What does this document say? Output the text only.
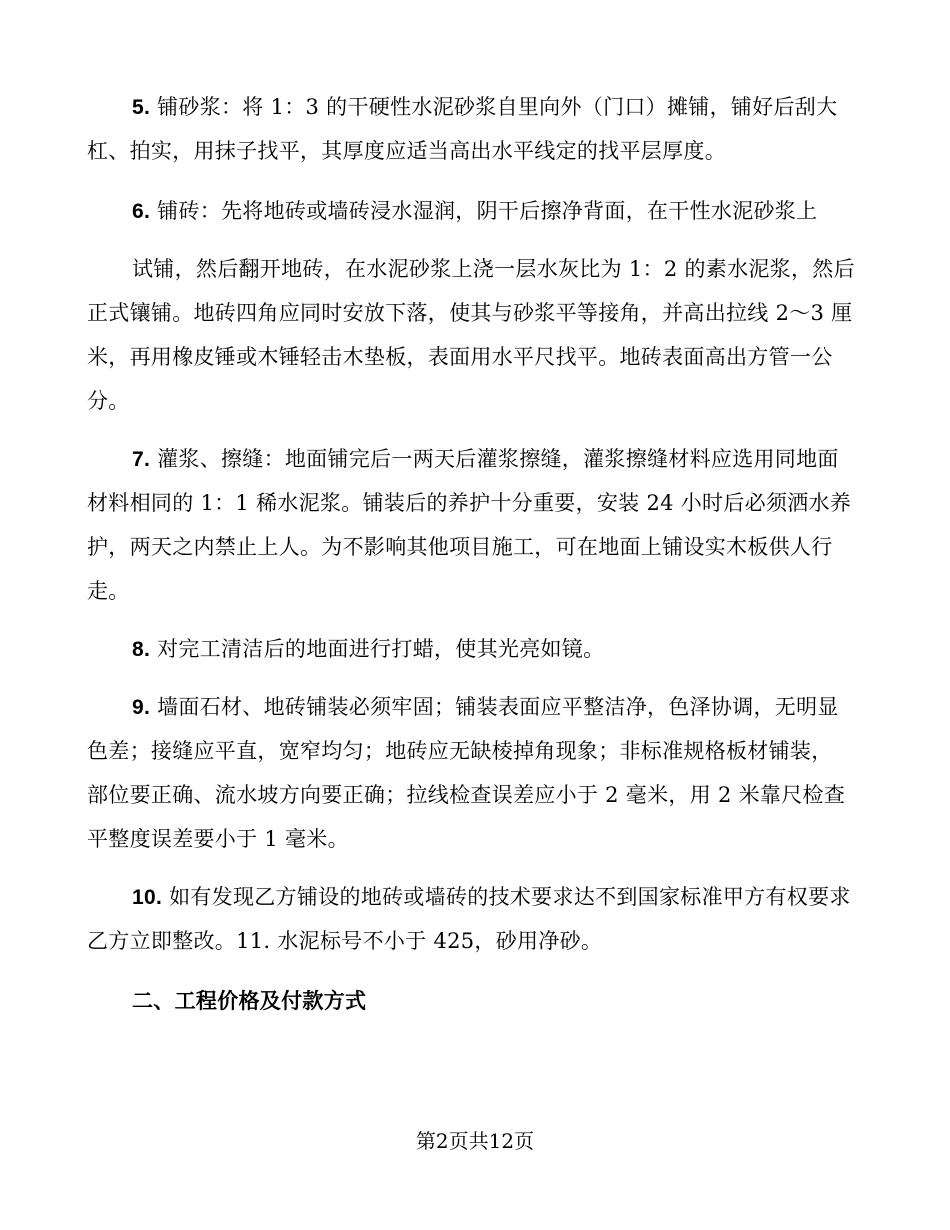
5. 铺砂浆：将 1：3 的干硬性水泥砂浆自里向外（门口）摊铺，铺好后刮大
杠、拍实，用抹子找平，其厚度应适当高出水平线定的找平层厚度。
6. 铺砖：先将地砖或墙砖浸水湿润，阴干后擦净背面，在干性水泥砂浆上
试铺，然后翻开地砖，在水泥砂浆上浇一层水灰比为 1：2 的素水泥浆，然后
正式镶铺。地砖四角应同时安放下落，使其与砂浆平等接角，并高出拉线 2～3 厘
米，再用橡皮锤或木锤轻击木垫板，表面用水平尺找平。地砖表面高出方管一公
分。
7. 灌浆、擦缝：地面铺完后一两天后灌浆擦缝，灌浆擦缝材料应选用同地面
材料相同的 1：1 稀水泥浆。铺装后的养护十分重要，安装 24 小时后必须洒水养
护，两天之内禁止上人。为不影响其他项目施工，可在地面上铺设实木板供人行
走。
8. 对完工清洁后的地面进行打蜡，使其光亮如镜。
9. 墙面石材、地砖铺装必须牢固；铺装表面应平整洁净，色泽协调，无明显
色差；接缝应平直，宽窄均匀；地砖应无缺棱掉角现象；非标准规格板材铺装，
部位要正确、流水坡方向要正确；拉线检查误差应小于 2 毫米，用 2 米靠尺检查
平整度误差要小于 1 毫米。
10. 如有发现乙方铺设的地砖或墙砖的技术要求达不到国家标准甲方有权要求
乙方立即整改。11. 水泥标号不小于 425，砂用净砂。
二、工程价格及付款方式
第2页共12页
